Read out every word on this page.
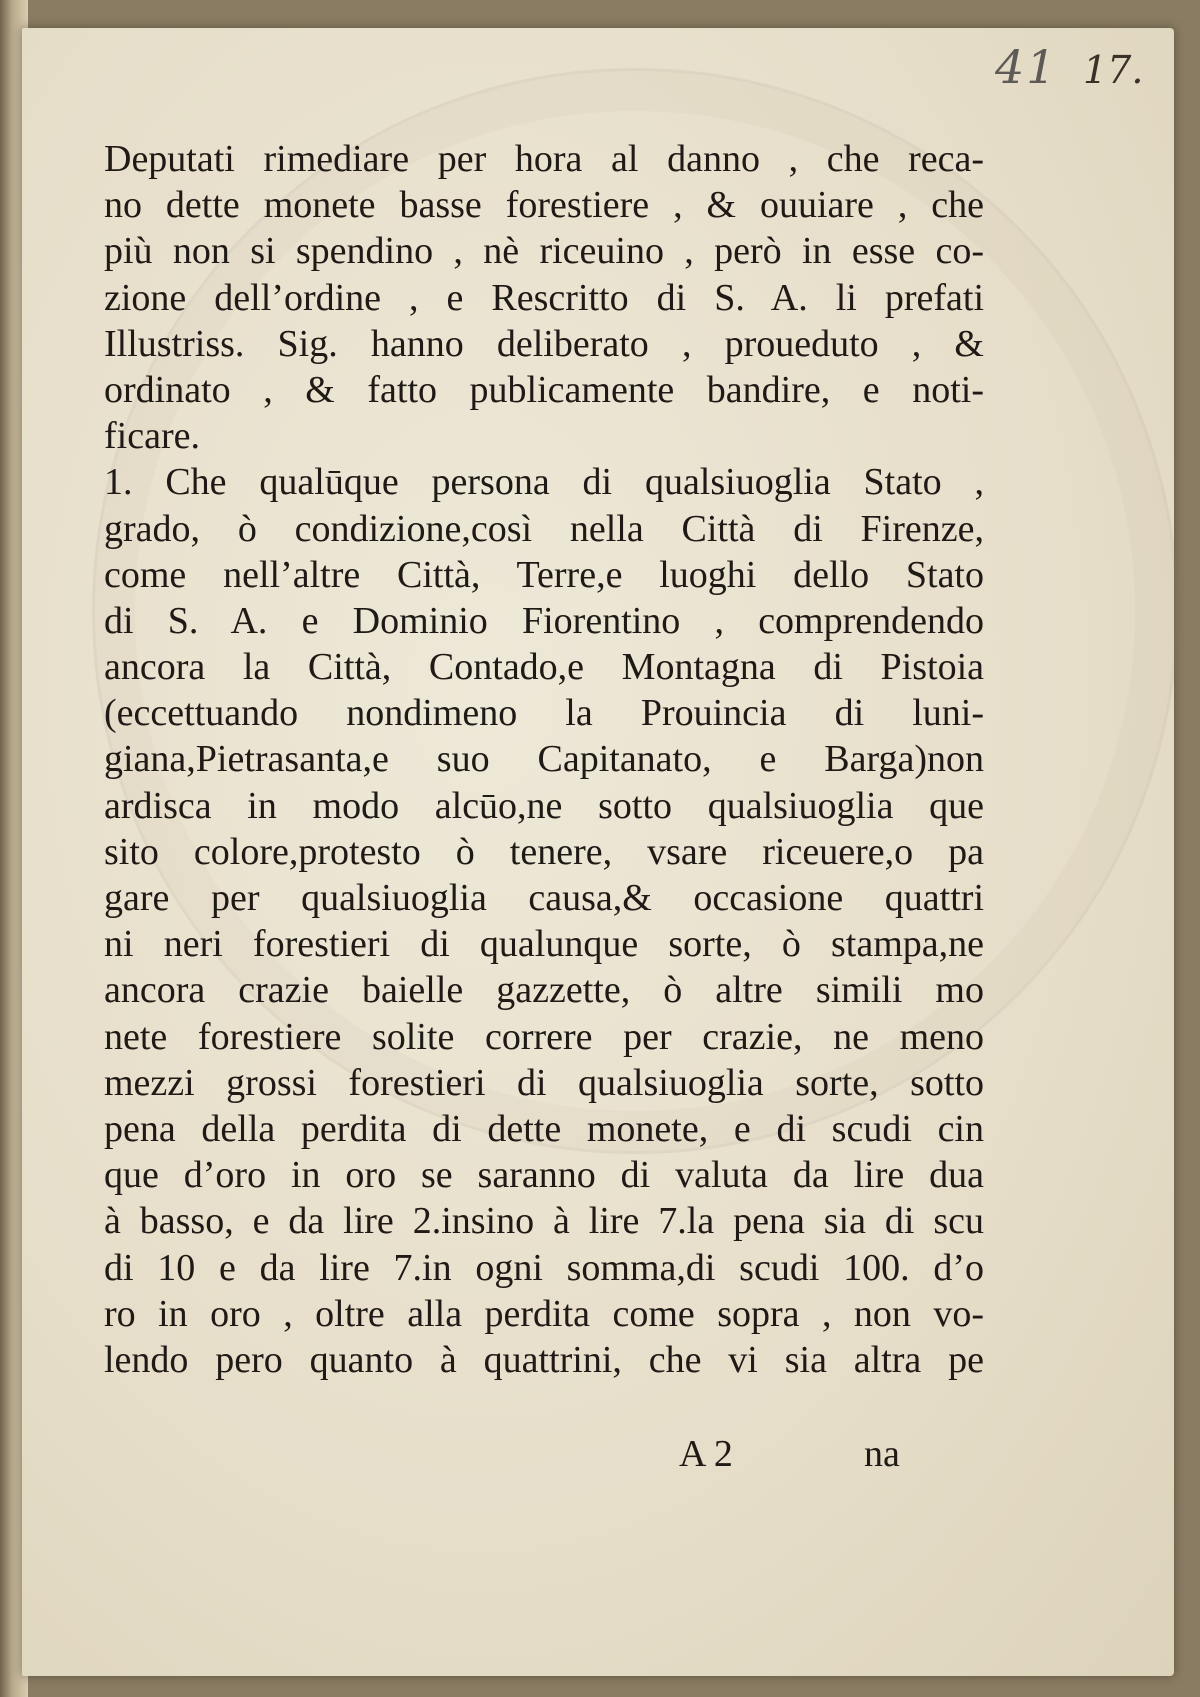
41 17.
Deputati rimediare per hora al danno , che reca-
no dette monete basse forestiere , & ouuiare , che
più non si spendino , nè riceuino , però in esse co-
zione dell’ordine , e Rescritto di S. A. li prefati
Illustriss. Sig. hanno deliberato , proueduto , &
ordinato , & fatto publicamente bandire, e noti-
ficare.
1. Che qualūque persona di qualsiuoglia Stato ,
grado, ò condizione,così nella Città di Firenze,
come nell’altre Città, Terre,e luoghi dello Stato
di S. A. e Dominio Fiorentino , comprendendo
ancora la Città, Contado,e Montagna di Pistoia
(eccettuando nondimeno la Prouincia di luni-
giana,Pietrasanta,e suo Capitanato, e Barga)non
ardisca in modo alcūo,ne sotto qualsiuoglia que
sito colore,protesto ò tenere, vsare riceuere,o pa
gare per qualsiuoglia causa,& occasione quattri
ni neri forestieri di qualunque sorte, ò stampa,ne
ancora crazie baielle gazzette, ò altre simili mo
nete forestiere solite correre per crazie, ne meno
mezzi grossi forestieri di qualsiuoglia sorte, sotto
pena della perdita di dette monete, e di scudi cin
que d’oro in oro se saranno di valuta da lire dua
à basso, e da lire 2.insino à lire 7.la pena sia di scu
di 10 e da lire 7.in ogni somma,di scudi 100. d’o
ro in oro , oltre alla perdita come sopra , non vo-
lendo pero quanto à quattrini, che vi sia altra pe
A 2	na
